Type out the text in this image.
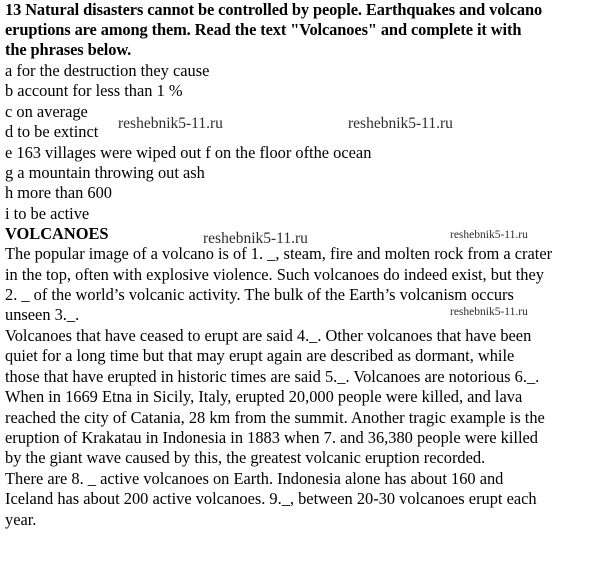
13 Natural disasters cannot be controlled by people. Earthquakes and volcano
eruptions are among them. Read the text "Volcanoes" and complete it with
the phrases below.
a for the destruction they cause
b account for less than 1 %
c on average
d to be extinct
e 163 villages were wiped out f on the floor ofthe ocean
g a mountain throwing out ash
h more than 600
i to be active
VOLCANOES
The popular image of a volcano is of 1. _, steam, fire and molten rock from a crater
in the top, often with explosive violence. Such volcanoes do indeed exist, but they
2. _ of the world’s volcanic activity. The bulk of the Earth’s volcanism occurs
unseen 3._.
Volcanoes that have ceased to erupt are said 4._. Other volcanoes that have been
quiet for a long time but that may erupt again are described as dormant, while
those that have erupted in historic times are said 5._. Volcanoes are notorious 6._.
When in 1669 Etna in Sicily, Italy, erupted 20,000 people were killed, and lava
reached the city of Catania, 28 km from the summit. Another tragic example is the
eruption of Krakatau in Indonesia in 1883 when 7. and 36,380 people were killed
by the giant wave caused by this, the greatest volcanic eruption recorded.
There are 8. _ active volcanoes on Earth. Indonesia alone has about 160 and
Iceland has about 200 active volcanoes. 9._, between 20-30 volcanoes erupt each
year.
reshebnik5-11.ru	reshebnik5-11.ru
reshebnik5-11.ru	reshebnik5-11.ru
reshebnik5-11.ru
